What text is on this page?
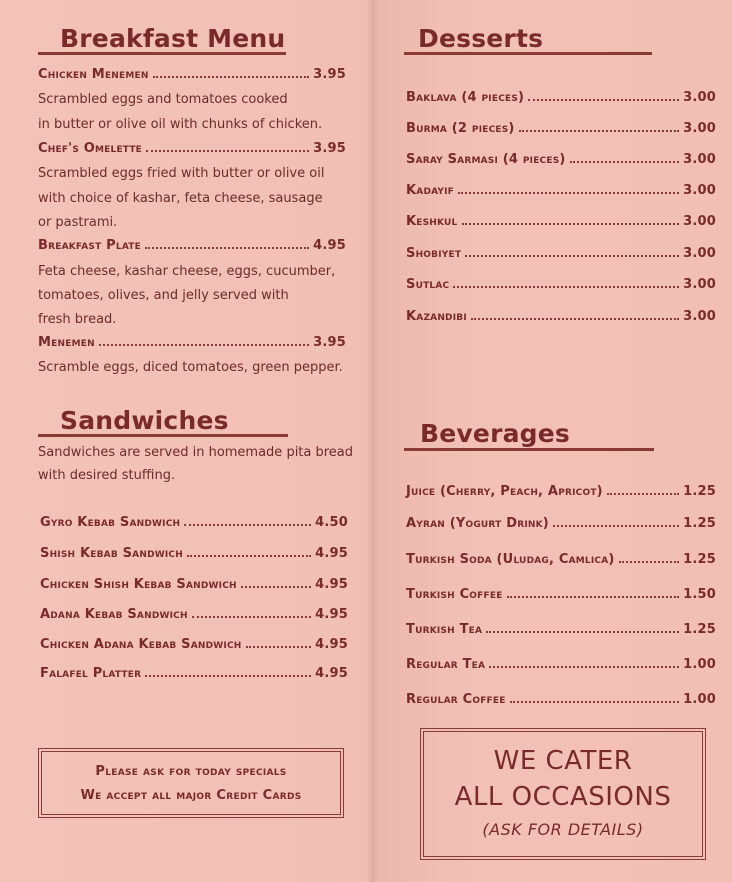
Breakfast Menu
Chicken Menemen	3.95
Scrambled eggs and tomatoes cooked
in butter or olive oil with chunks of chicken.
Chef's Omelette	3.95
Scrambled eggs fried with butter or olive oil
with choice of kashar, feta cheese, sausage
or pastrami.
Breakfast Plate	4.95
Feta cheese, kashar cheese, eggs, cucumber,
tomatoes, olives, and jelly served with
fresh bread.
Menemen	3.95
Scramble eggs, diced tomatoes, green pepper.
Sandwiches
Sandwiches are served in homemade pita bread
with desired stuffing.
Gyro Kebab Sandwich	4.50
Shish Kebab Sandwich	4.95
Chicken Shish Kebab Sandwich	4.95
Adana Kebab Sandwich	4.95
Chicken Adana Kebab Sandwich	4.95
Falafel Platter	4.95
Please ask for today specials
We accept all major Credit Cards
Desserts
Baklava (4 pieces)	3.00
Burma (2 pieces)	3.00
Saray Sarmasi (4 pieces)	3.00
Kadayif	3.00
Keshkul	3.00
Shobiyet	3.00
Sutlac	3.00
Kazandibi	3.00
Beverages
Juice (Cherry, Peach, Apricot)	1.25
Ayran (Yogurt Drink)	1.25
Turkish Soda (Uludag, Camlica)	1.25
Turkish Coffee	1.50
Turkish Tea	1.25
Regular Tea	1.00
Regular Coffee	1.00
WE CATER
ALL OCCASIONS
(ASK FOR DETAILS)
